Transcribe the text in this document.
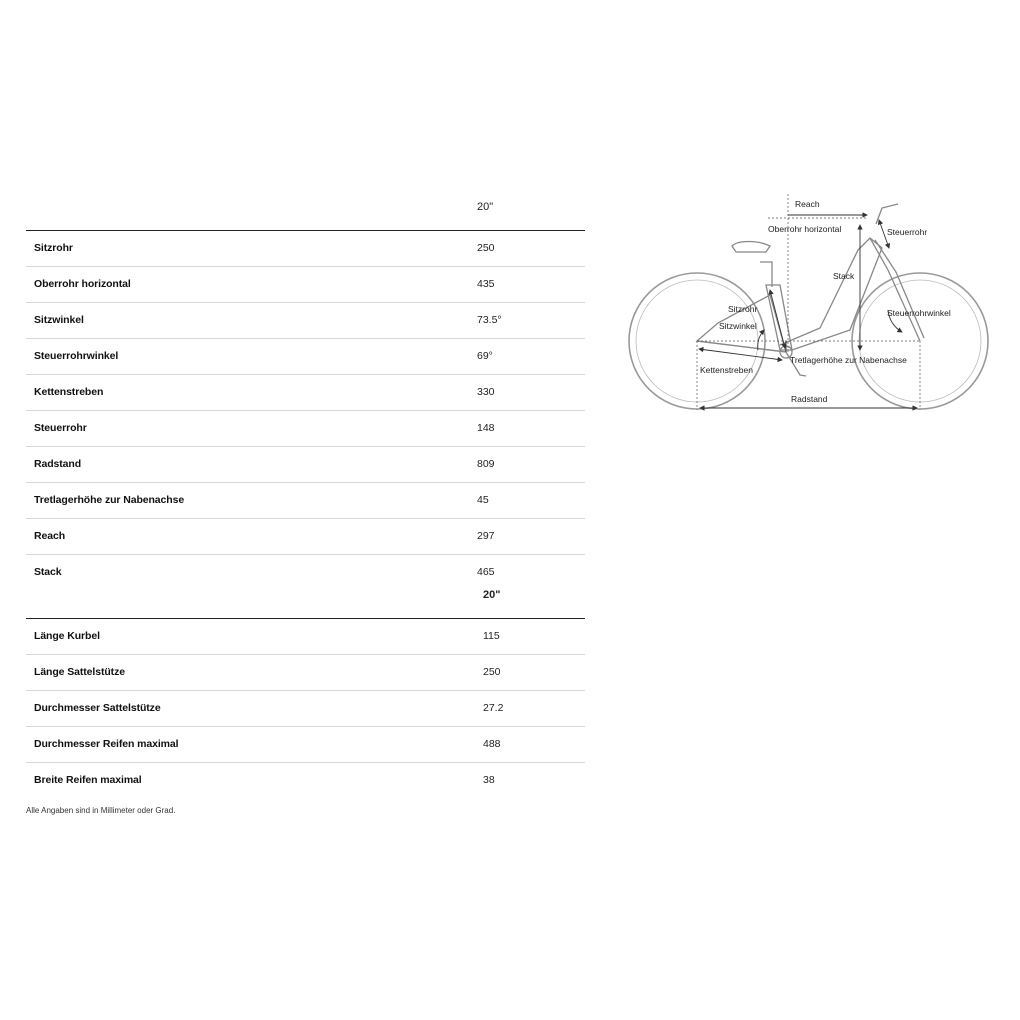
20"
Sitzrohr	250
Oberrohr horizontal	435
Sitzwinkel	73.5°
Steuerrohrwinkel	69°
Kettenstreben	330
Steuerrohr	148
Radstand	809
Tretlagerhöhe zur Nabenachse	45
Reach	297
Stack	465
20"
Länge Kurbel	115
Länge Sattelstütze	250
Durchmesser Sattelstütze	27.2
Durchmesser Reifen maximal	488
Breite Reifen maximal	38
Alle Angaben sind in Millimeter oder Grad.
Reach
Oberrohr horizontal	Steuerrohr
Stack
Sitzrohr
Sitzwinkel
Steuerrohrwinkel
Kettenstreben
Tretlagerhöhe zur Nabenachse
Radstand
